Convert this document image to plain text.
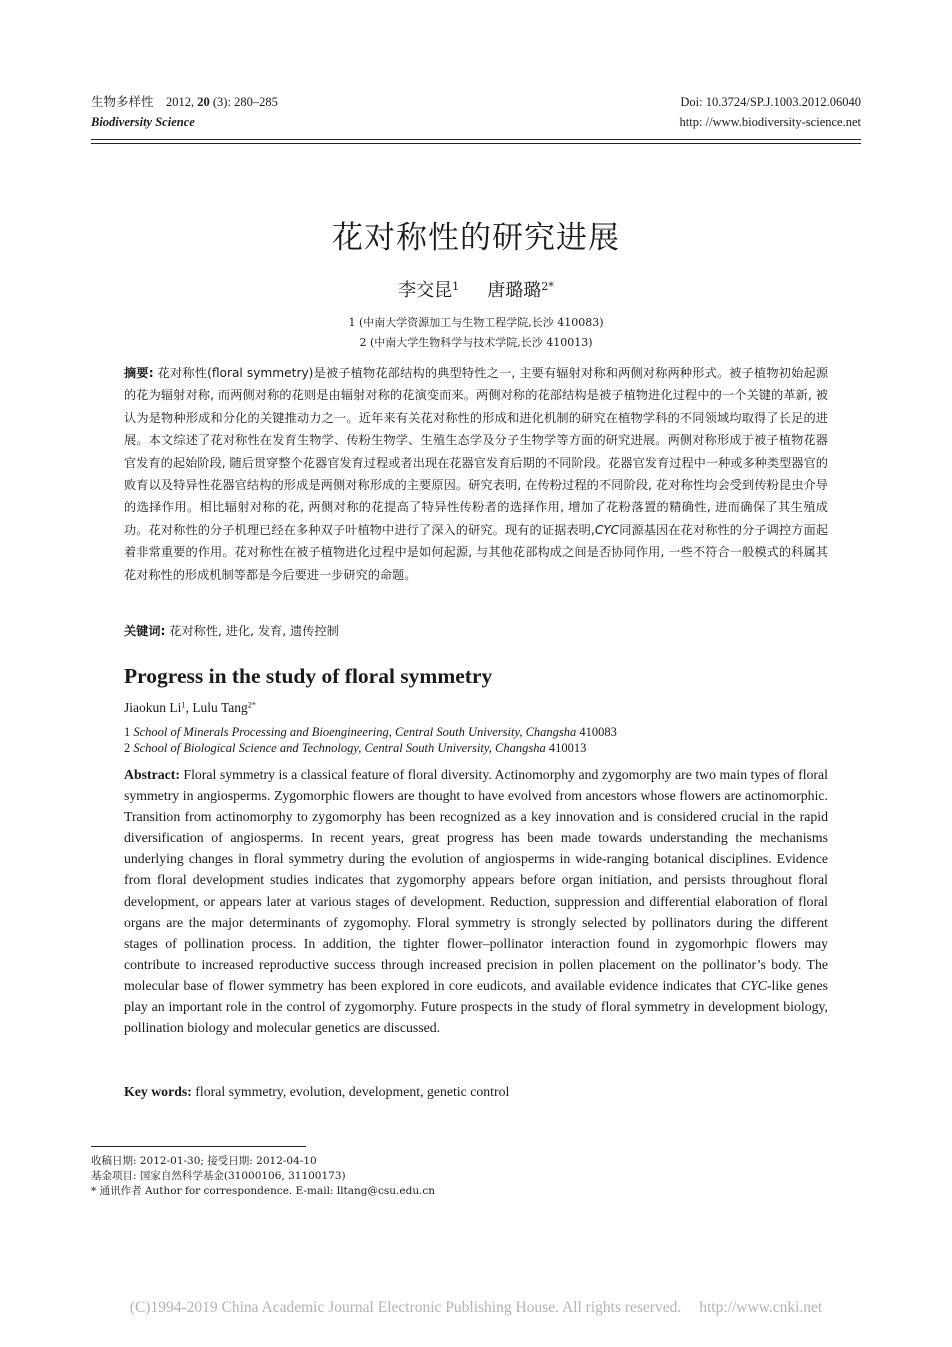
生物多样性 2012, 20 (3): 280–285
Biodiversity Science
Doi: 10.3724/SP.J.1003.2012.06040
http: //www.biodiversity-science.net
花对称性的研究进展
李交昆$^1$ 唐璐璐$^{2*}$
1 (中南大学资源加工与生物工程学院,长沙 410083)
2 (中南大学生物科学与技术学院,长沙 410013)
摘要: 花对称性(floral symmetry)是被子植物花部结构的典型特性之一, 主要有辐射对称和两侧对称两种形式。被子植物初始起源的花为辐射对称, 而两侧对称的花则是由辐射对称的花演变而来。两侧对称的花部结构是被子植物进化过程中的一个关键的革新, 被认为是物种形成和分化的关键推动力之一。近年来有关花对称性的形成和进化机制的研究在植物学科的不同领域均取得了长足的进展。本文综述了花对称性在发育生物学、传粉生物学、生殖生态学及分子生物学等方面的研究进展。两侧对称形成于被子植物花器官发育的起始阶段, 随后贯穿整个花器官发育过程或者出现在花器官发育后期的不同阶段。花器官发育过程中一种或多种类型器官的败育以及特异性花器官结构的形成是两侧对称形成的主要原因。研究表明, 在传粉过程的不同阶段, 花对称性均会受到传粉昆虫介导的选择作用。相比辐射对称的花, 两侧对称的花提高了特异性传粉者的选择作用, 增加了花粉落置的精确性, 进而确保了其生殖成功。花对称性的分子机理已经在多种双子叶植物中进行了深入的研究。现有的证据表明,CYC同源基因在花对称性的分子调控方面起着非常重要的作用。花对称性在被子植物进化过程中是如何起源, 与其他花部构成之间是否协同作用, 一些不符合一般模式的科属其花对称性的形成机制等都是今后要进一步研究的命题。
关键词: 花对称性, 进化, 发育, 遗传控制
Progress in the study of floral symmetry
Jiaokun Li$^1$, Lulu Tang$^{2*}$
1 School of Minerals Processing and Bioengineering, Central South University, Changsha 410083
2 School of Biological Science and Technology, Central South University, Changsha 410013
Abstract: Floral symmetry is a classical feature of floral diversity. Actinomorphy and zygomorphy are two main types of floral symmetry in angiosperms. Zygomorphic flowers are thought to have evolved from ancestors whose flowers are actinomorphic. Transition from actinomorphy to zygomorphy has been recognized as a key innovation and is considered crucial in the rapid diversification of angiosperms. In recent years, great progress has been made towards understanding the mechanisms underlying changes in floral symmetry during the evolution of angiosperms in wide-ranging botanical disciplines. Evidence from floral development studies indicates that zygomorphy appears before organ initiation, and persists throughout floral development, or appears later at various stages of development. Reduction, suppression and differential elaboration of floral organs are the major determinants of zygomophy. Floral symmetry is strongly selected by pollinators during the different stages of pollination process. In addition, the tighter flower–pollinator interaction found in zygomorhpic flowers may contribute to increased reproductive success through increased precision in pollen placement on the pollinator’s body. The molecular base of flower symmetry has been explored in core eudicots, and available evidence indicates that CYC-like genes play an important role in the control of zygomorphy. Future prospects in the study of floral symmetry in development biology, pollination biology and molecular genetics are discussed.
Key words: floral symmetry, evolution, development, genetic control
收稿日期: 2012-01-30; 接受日期: 2012-04-10
基金项目: 国家自然科学基金(31000106, 31100173)
* 通讯作者 Author for correspondence. E-mail: lltang@csu.edu.cn
(C)1994-2019 China Academic Journal Electronic Publishing House. All rights reserved. http://www.cnki.net
